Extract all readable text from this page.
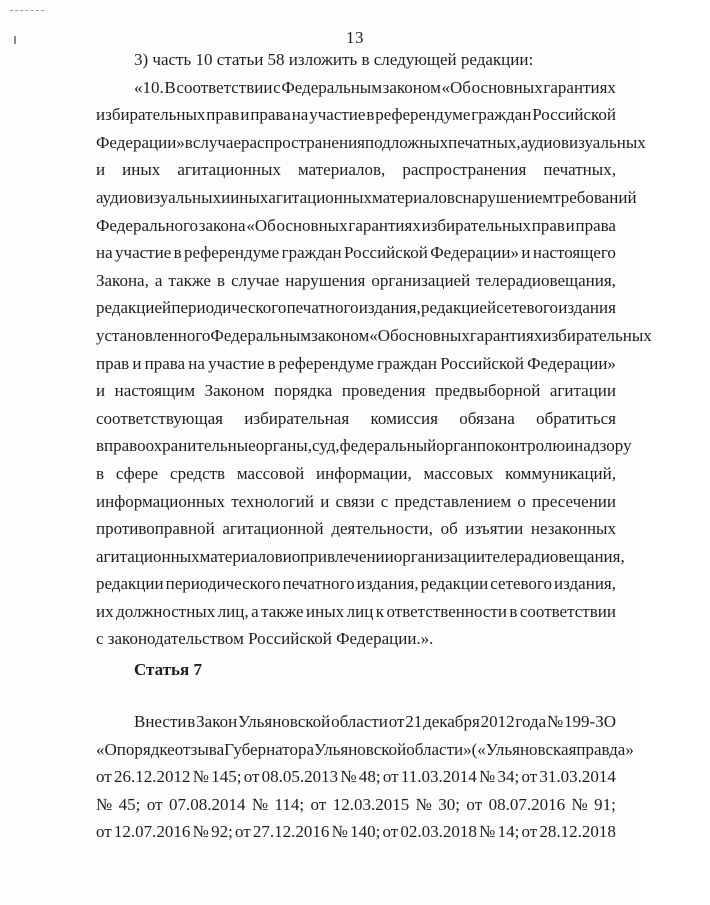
13
3) часть 10 статьи 58 изложить в следующей редакции:
«10. В соответствии с Федеральным законом «Об основных гарантиях
избирательных прав и права на участие в референдуме граждан Российской
Федерации» в случае распространения подложных печатных, аудиовизуальных
и иных агитационных материалов, распространения печатных,
аудиовизуальных и иных агитационных материалов с нарушением требований
Федерального закона «Об основных гарантиях избирательных прав и права
на участие в референдуме граждан Российской Федерации» и настоящего
Закона, а также в случае нарушения организацией телерадиовещания,
редакцией периодического печатного издания, редакцией сетевого издания
установленного Федеральным законом «Об основных гарантиях избирательных
прав и права на участие в референдуме граждан Российской Федерации»
и настоящим Законом порядка проведения предвыборной агитации
соответствующая избирательная комиссия обязана обратиться
в правоохранительные органы, суд, федеральный орган по контролю и надзору
в сфере средств массовой информации, массовых коммуникаций,
информационных технологий и связи с представлением о пресечении
противоправной агитационной деятельности, об изъятии незаконных
агитационных материалов и о привлечении организации телерадиовещания,
редакции периодического печатного издания, редакции сетевого издания,
их должностных лиц, а также иных лиц к ответственности в соответствии
с законодательством Российской Федерации.».
Статья 7
Внести в Закон Ульяновской области от 21 декабря 2012 года № 199-ЗО
«О порядке отзыва Губернатора Ульяновской области» («Ульяновская правда»
от 26.12.2012 № 145; от 08.05.2013 № 48; от 11.03.2014 № 34; от 31.03.2014
№ 45; от 07.08.2014 № 114; от 12.03.2015 № 30; от 08.07.2016 № 91;
от 12.07.2016 № 92; от 27.12.2016 № 140; от 02.03.2018 № 14; от 28.12.2018
